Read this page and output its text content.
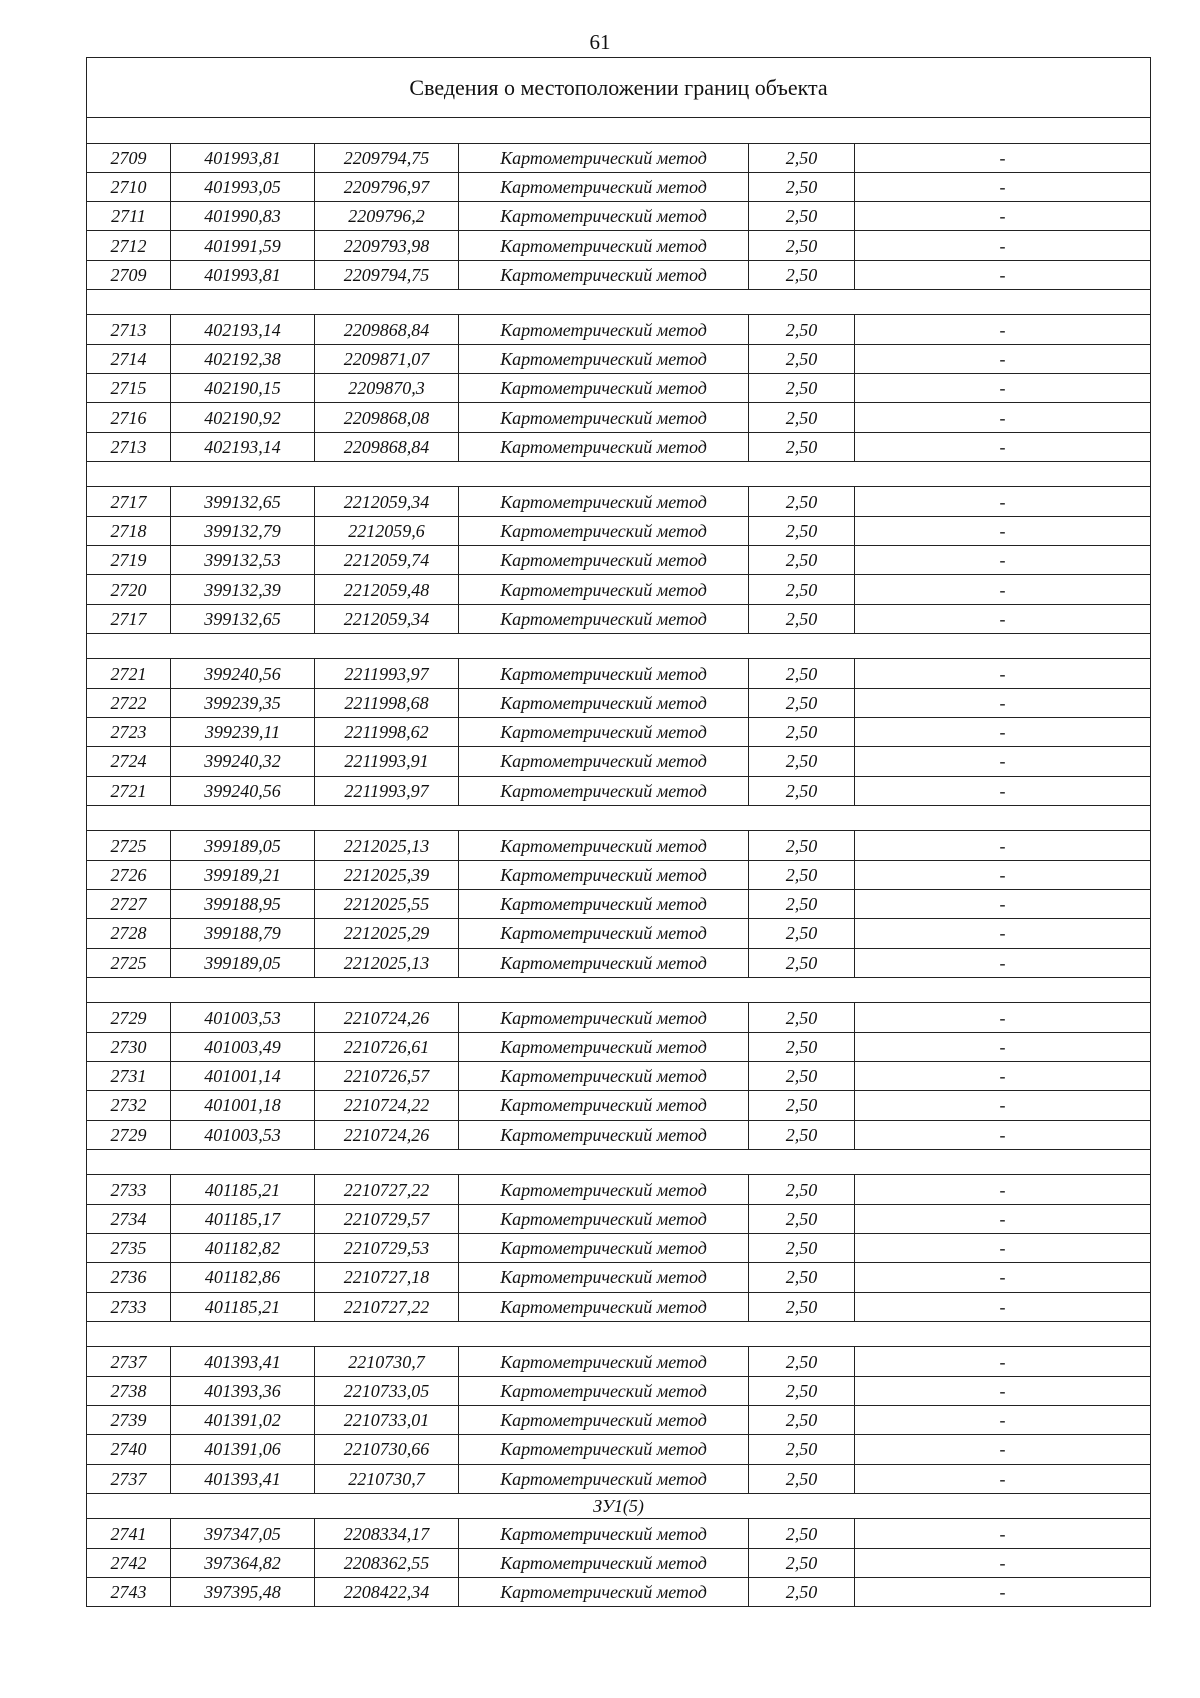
61
Сведения о местоположении границ объекта					

2709	401993,81	2209794,75	Картометрический метод	2,50	-
2710	401993,05	2209796,97	Картометрический метод	2,50	-
2711	401990,83	2209796,2	Картометрический метод	2,50	-
2712	401991,59	2209793,98	Картометрический метод	2,50	-
2709	401993,81	2209794,75	Картометрический метод	2,50	-

2713	402193,14	2209868,84	Картометрический метод	2,50	-
2714	402192,38	2209871,07	Картометрический метод	2,50	-
2715	402190,15	2209870,3	Картометрический метод	2,50	-
2716	402190,92	2209868,08	Картометрический метод	2,50	-
2713	402193,14	2209868,84	Картометрический метод	2,50	-

2717	399132,65	2212059,34	Картометрический метод	2,50	-
2718	399132,79	2212059,6	Картометрический метод	2,50	-
2719	399132,53	2212059,74	Картометрический метод	2,50	-
2720	399132,39	2212059,48	Картометрический метод	2,50	-
2717	399132,65	2212059,34	Картометрический метод	2,50	-

2721	399240,56	2211993,97	Картометрический метод	2,50	-
2722	399239,35	2211998,68	Картометрический метод	2,50	-
2723	399239,11	2211998,62	Картометрический метод	2,50	-
2724	399240,32	2211993,91	Картометрический метод	2,50	-
2721	399240,56	2211993,97	Картометрический метод	2,50	-

2725	399189,05	2212025,13	Картометрический метод	2,50	-
2726	399189,21	2212025,39	Картометрический метод	2,50	-
2727	399188,95	2212025,55	Картометрический метод	2,50	-
2728	399188,79	2212025,29	Картометрический метод	2,50	-
2725	399189,05	2212025,13	Картометрический метод	2,50	-

2729	401003,53	2210724,26	Картометрический метод	2,50	-
2730	401003,49	2210726,61	Картометрический метод	2,50	-
2731	401001,14	2210726,57	Картометрический метод	2,50	-
2732	401001,18	2210724,22	Картометрический метод	2,50	-
2729	401003,53	2210724,26	Картометрический метод	2,50	-

2733	401185,21	2210727,22	Картометрический метод	2,50	-
2734	401185,17	2210729,57	Картометрический метод	2,50	-
2735	401182,82	2210729,53	Картометрический метод	2,50	-
2736	401182,86	2210727,18	Картометрический метод	2,50	-
2733	401185,21	2210727,22	Картометрический метод	2,50	-

2737	401393,41	2210730,7	Картометрический метод	2,50	-
2738	401393,36	2210733,05	Картометрический метод	2,50	-
2739	401391,02	2210733,01	Картометрический метод	2,50	-
2740	401391,06	2210730,66	Картометрический метод	2,50	-
2737	401393,41	2210730,7	Картометрический метод	2,50	-
ЗУ1(5)					
2741	397347,05	2208334,17	Картометрический метод	2,50	-
2742	397364,82	2208362,55	Картометрический метод	2,50	-
2743	397395,48	2208422,34	Картометрический метод	2,50	-
